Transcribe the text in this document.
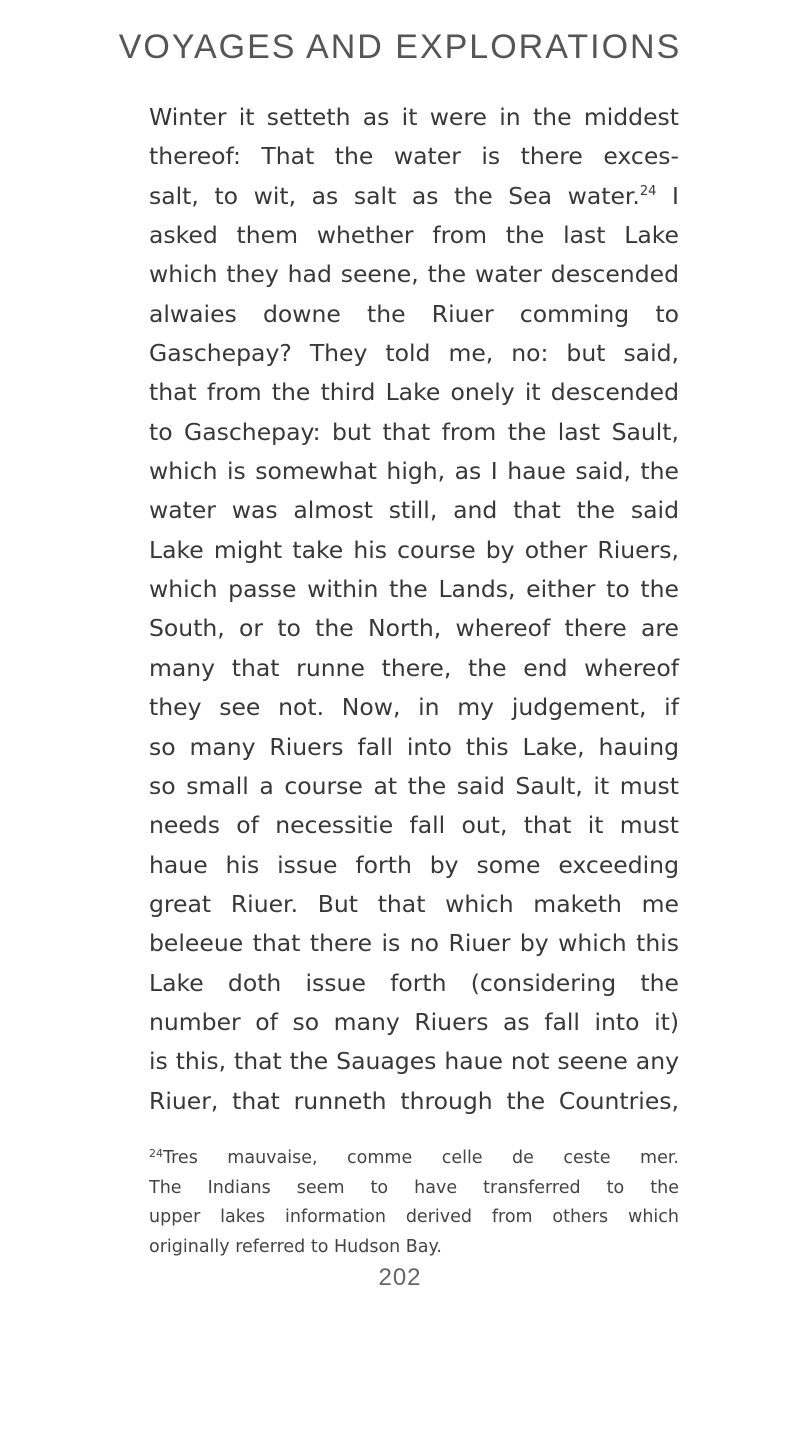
VOYAGES AND EXPLORATIONS
Winter it setteth as it were in the middest
thereof: That the water is there exces-
salt, to wit, as salt as the Sea water.$^{24}$ I
asked them whether from the last Lake
which they had seene, the water descended
alwaies downe the Riuer comming to
Gaschepay? They told me, no: but said,
that from the third Lake onely it descended
to Gaschepay: but that from the last Sault,
which is somewhat high, as I haue said, the
water was almost still, and that the said
Lake might take his course by other Riuers,
which passe within the Lands, either to the
South, or to the North, whereof there are
many that runne there, the end whereof
they see not. Now, in my judgement, if
so many Riuers fall into this Lake, hauing
so small a course at the said Sault, it must
needs of necessitie fall out, that it must
haue his issue forth by some exceeding
great Riuer. But that which maketh me
beleeue that there is no Riuer by which this
Lake doth issue forth (considering the
number of so many Riuers as fall into it)
is this, that the Sauages haue not seene any
Riuer, that runneth through the Countries,
$^{24}$Tres mauvaise, comme celle de ceste mer.
The Indians seem to have transferred to the
upper lakes information derived from others which
originally referred to Hudson Bay.
202
